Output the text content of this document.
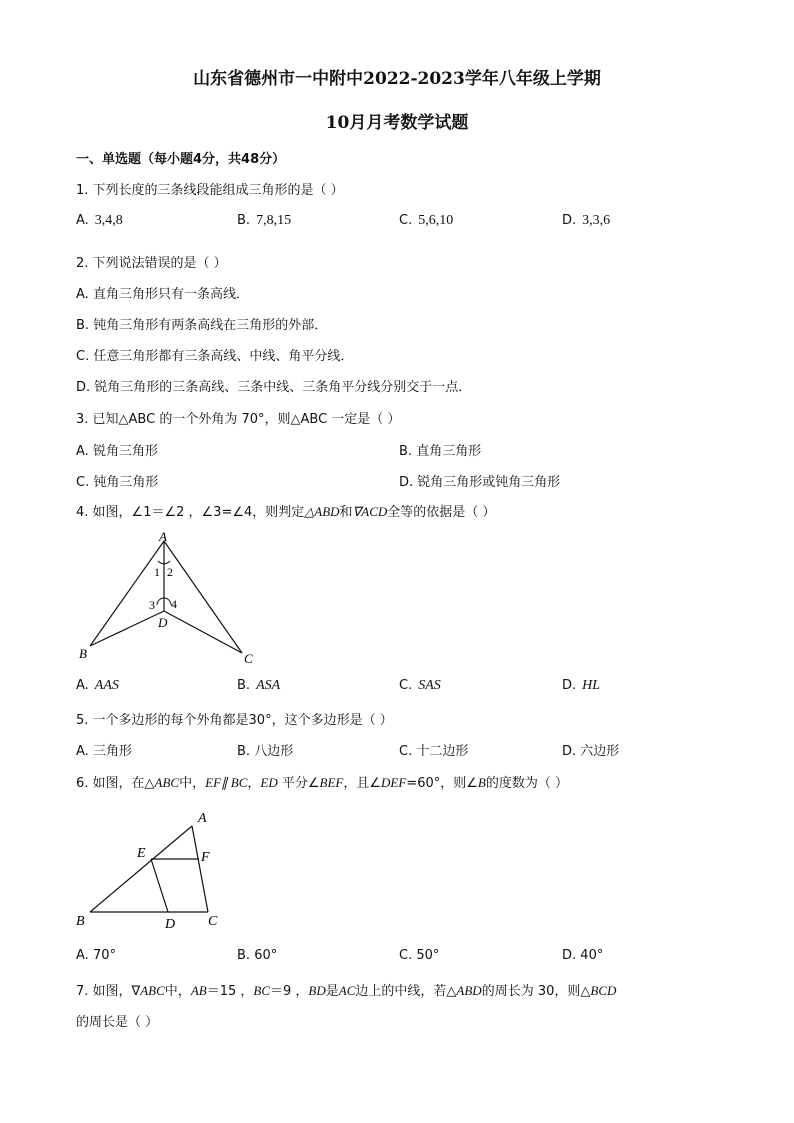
山东省德州市一中附中2022-2023学年八年级上学期
10月月考数学试题
一、单选题（每小题4分，共48分）
1. 下列长度的三条线段能组成三角形的是（ ）
A. 3,4,8	B. 7,8,15	C. 5,6,10	D. 3,3,6
2. 下列说法错误的是（ ）
A. 直角三角形只有一条高线．
B. 钝角三角形有两条高线在三角形的外部．
C. 任意三角形都有三条高线、中线、角平分线．
D. 锐角三角形的三条高线、三条中线、三条角平分线分别交于一点．
3. 已知△ABC 的一个外角为 70°，则△ABC 一定是（ ）
A. 锐角三角形	B. 直角三角形
C. 钝角三角形	D. 锐角三角形或钝角三角形
4. 如图，∠1＝∠2 ，∠3=∠4，则判定△ABD和∇ACD全等的依据是（ ）
A
B	C
D
1 2
3 4
A. AAS	B. ASA	C. SAS	D. HL
5. 一个多边形的每个外角都是30°，这个多边形是（ ）
A. 三角形	B. 八边形	C. 十二边形	D. 六边形
6. 如图，在△ABC中，EF∥ BC，ED 平分∠BEF，且∠DEF=60°，则∠B的度数为（ ）
A
B	C
D
E	F
A. 70°	B. 60°	C. 50°	D. 40°
7. 如图，∇ABC中，AB＝15 ，BC＝9 ，BD是AC边上的中线，若△ABD的周长为 30，则△BCD
的周长是（ ）
